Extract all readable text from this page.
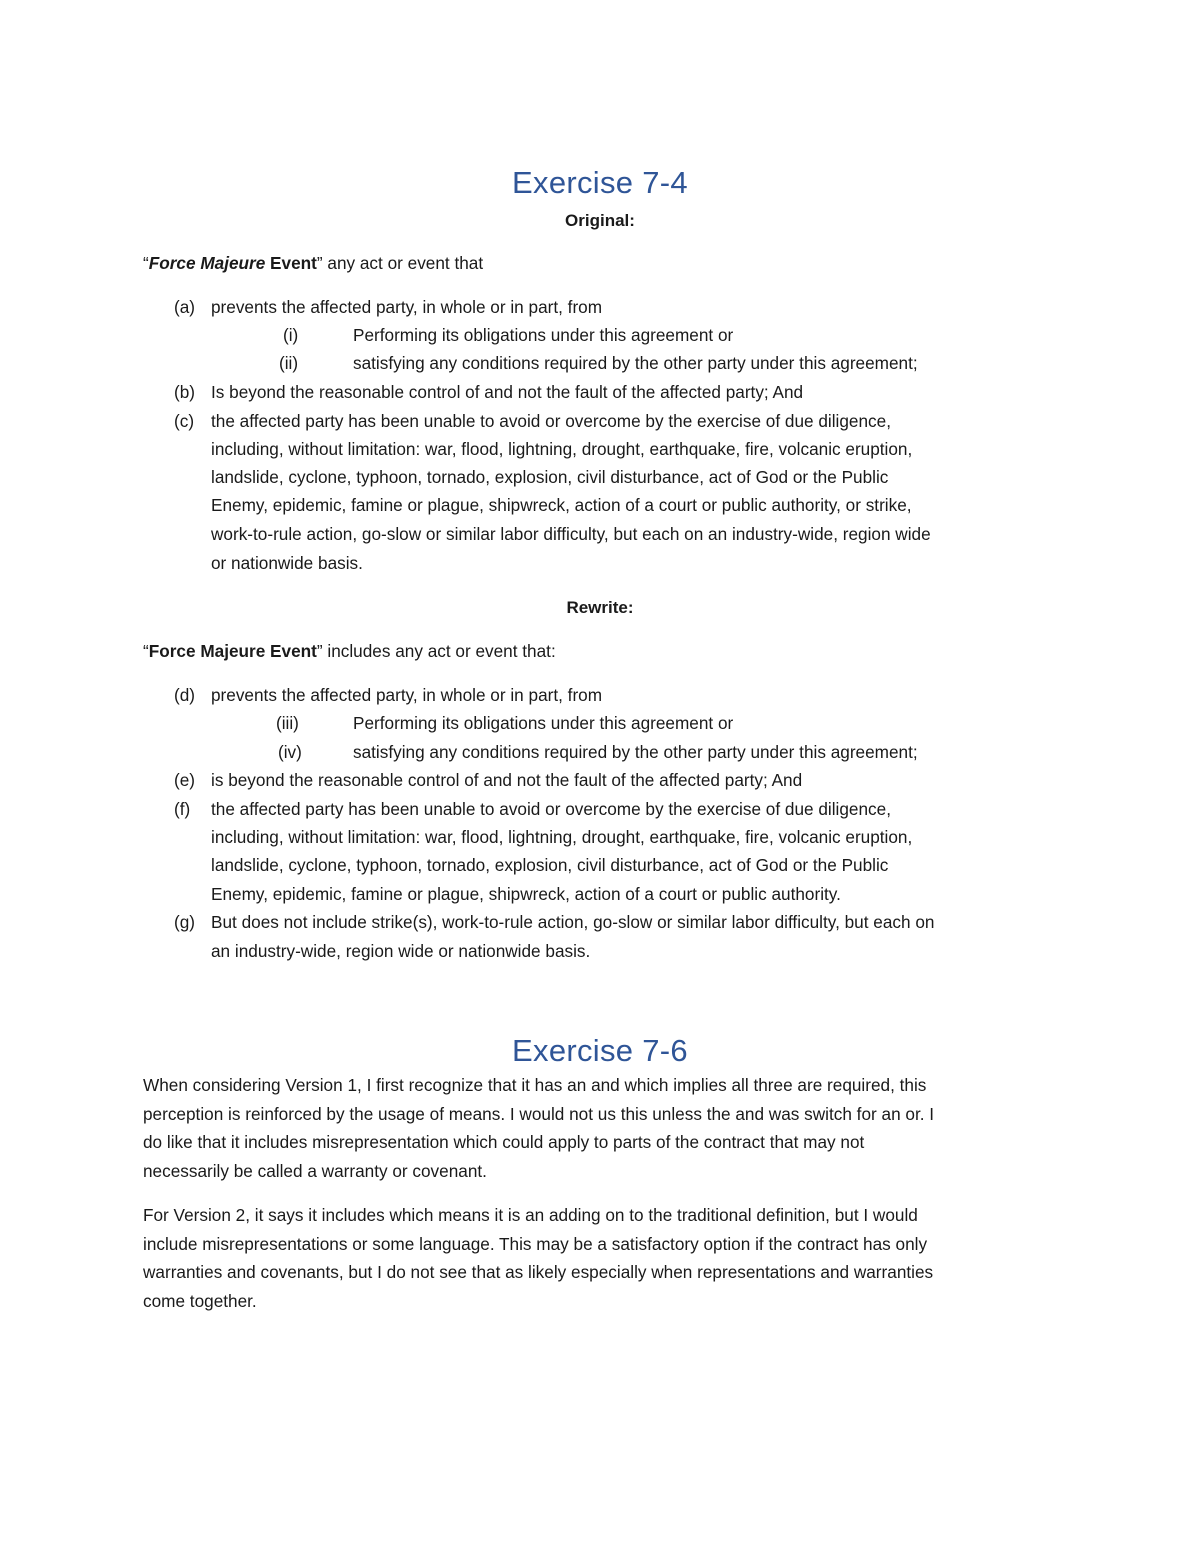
Exercise 7-4
Original:
“Force Majeure Event” any act or event that
(a) prevents the affected party, in whole or in part, from
(i)	Performing its obligations under this agreement or
(ii)	satisfying any conditions required by the other party under this agreement;
(b) Is beyond the reasonable control of and not the fault of the affected party; And
(c) the affected party has been unable to avoid or overcome by the exercise of due diligence,
including, without limitation: war, flood, lightning, drought, earthquake, fire, volcanic eruption,
landslide, cyclone, typhoon, tornado, explosion, civil disturbance, act of God or the Public
Enemy, epidemic, famine or plague, shipwreck, action of a court or public authority, or strike,
work-to-rule action, go-slow or similar labor difficulty, but each on an industry-wide, region wide
or nationwide basis.
Rewrite:
“Force Majeure Event” includes any act or event that:
(d) prevents the affected party, in whole or in part, from
(iii)	Performing its obligations under this agreement or
(iv)	satisfying any conditions required by the other party under this agreement;
(e) is beyond the reasonable control of and not the fault of the affected party; And
(f) the affected party has been unable to avoid or overcome by the exercise of due diligence,
including, without limitation: war, flood, lightning, drought, earthquake, fire, volcanic eruption,
landslide, cyclone, typhoon, tornado, explosion, civil disturbance, act of God or the Public
Enemy, epidemic, famine or plague, shipwreck, action of a court or public authority.
(g) But does not include strike(s), work-to-rule action, go-slow or similar labor difficulty, but each on
an industry-wide, region wide or nationwide basis.
Exercise 7-6
When considering Version 1, I first recognize that it has an and which implies all three are required, this
perception is reinforced by the usage of means. I would not us this unless the and was switch for an or. I
do like that it includes misrepresentation which could apply to parts of the contract that may not
necessarily be called a warranty or covenant.
For Version 2, it says it includes which means it is an adding on to the traditional definition, but I would
include misrepresentations or some language. This may be a satisfactory option if the contract has only
warranties and covenants, but I do not see that as likely especially when representations and warranties
come together.
